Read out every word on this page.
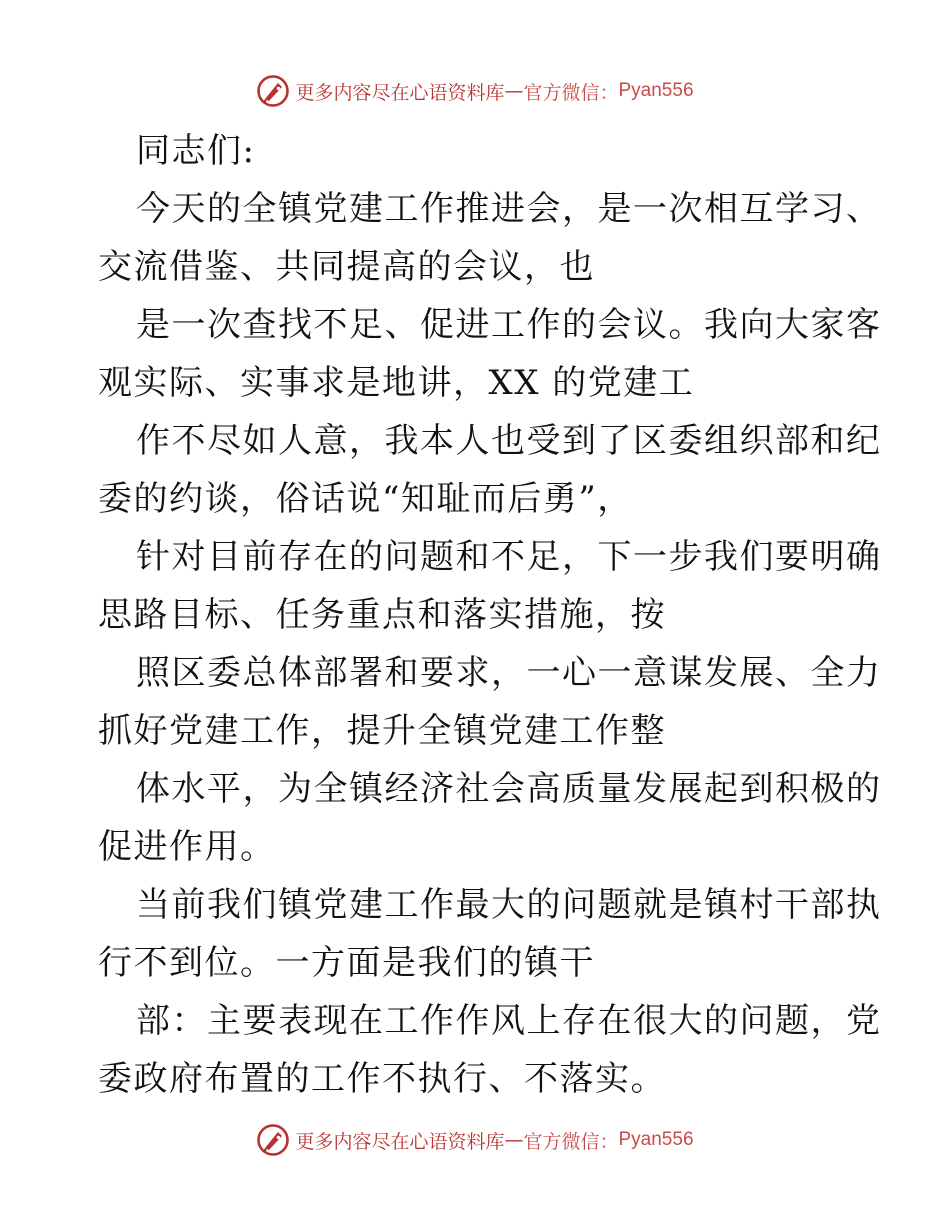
更多内容尽在心语资料库 — 官方微信： Pyan556
同志们:
今天的全镇党建工作推进会，是一次相互学习、
交流借鉴、共同提高的会议，也
是一次查找不足、促进工作的会议。我向大家客
观实际、实事求是地讲，XX 的党建工
作不尽如人意，我本人也受到了区委组织部和纪
委的约谈，俗话说“知耻而后勇”，
针对目前存在的问题和不足，下一步我们要明确
思路目标、任务重点和落实措施，按
照区委总体部署和要求，一心一意谋发展、全力
抓好党建工作，提升全镇党建工作整
体水平，为全镇经济社会高质量发展起到积极的
促进作用。
当前我们镇党建工作最大的问题就是镇村干部执
行不到位。一方面是我们的镇干
部：主要表现在工作作风上存在很大的问题，党
委政府布置的工作不执行、不落实。
更多内容尽在心语资料库 — 官方微信： Pyan556
